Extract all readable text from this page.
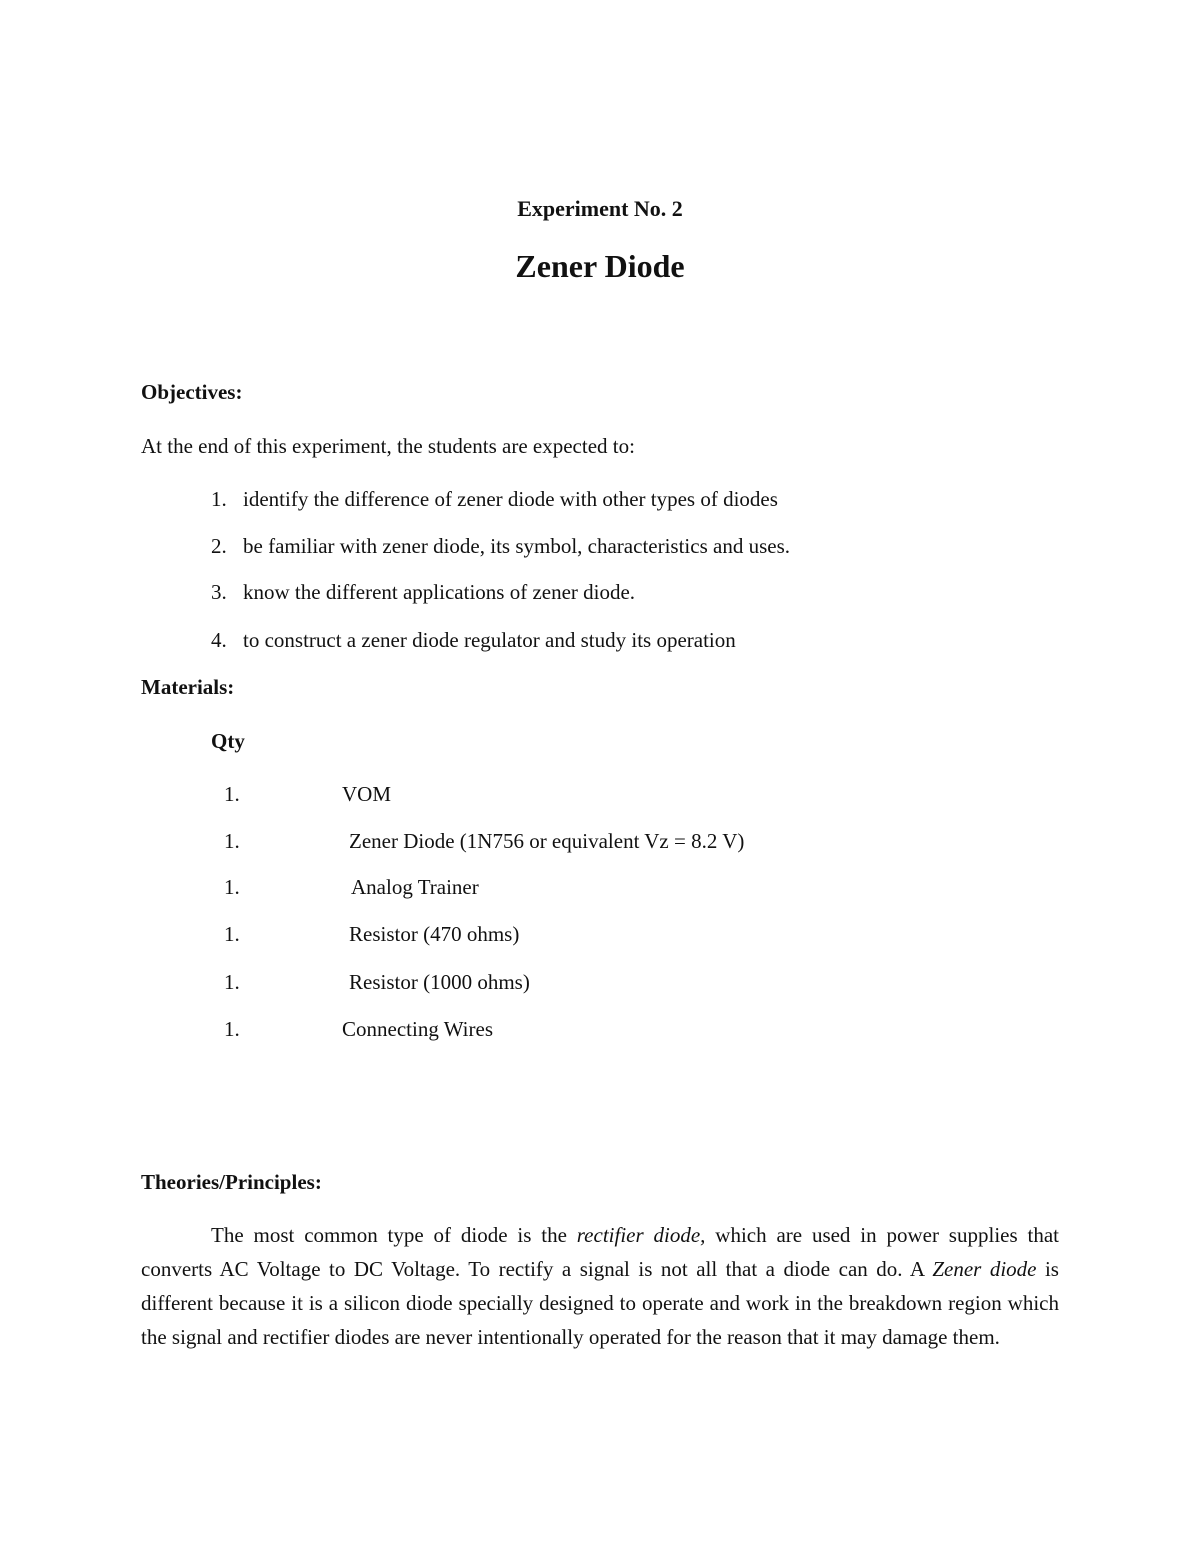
Experiment No. 2
Zener Diode
Objectives:
At the end of this experiment, the students are expected to:
1. identify the difference of zener diode with other types of diodes
2. be familiar with zener diode, its symbol, characteristics and uses.
3. know the different applications of zener diode.
4. to construct a zener diode regulator and study its operation
Materials:
Qty
1.	VOM
1.	Zener Diode (1N756 or equivalent Vz = 8.2 V)
1.	Analog Trainer
1.	Resistor (470 ohms)
1.	Resistor (1000 ohms)
1.	Connecting Wires
Theories/Principles:

The most common type of diode is the rectifier diode, which are used in power supplies that converts AC Voltage to DC Voltage. To rectify a signal is not all that a diode can do. A Zener diode is different because it is a silicon diode specially designed to operate and work in the breakdown region which the signal and rectifier diodes are never intentionally operated for the reason that it may damage them.
